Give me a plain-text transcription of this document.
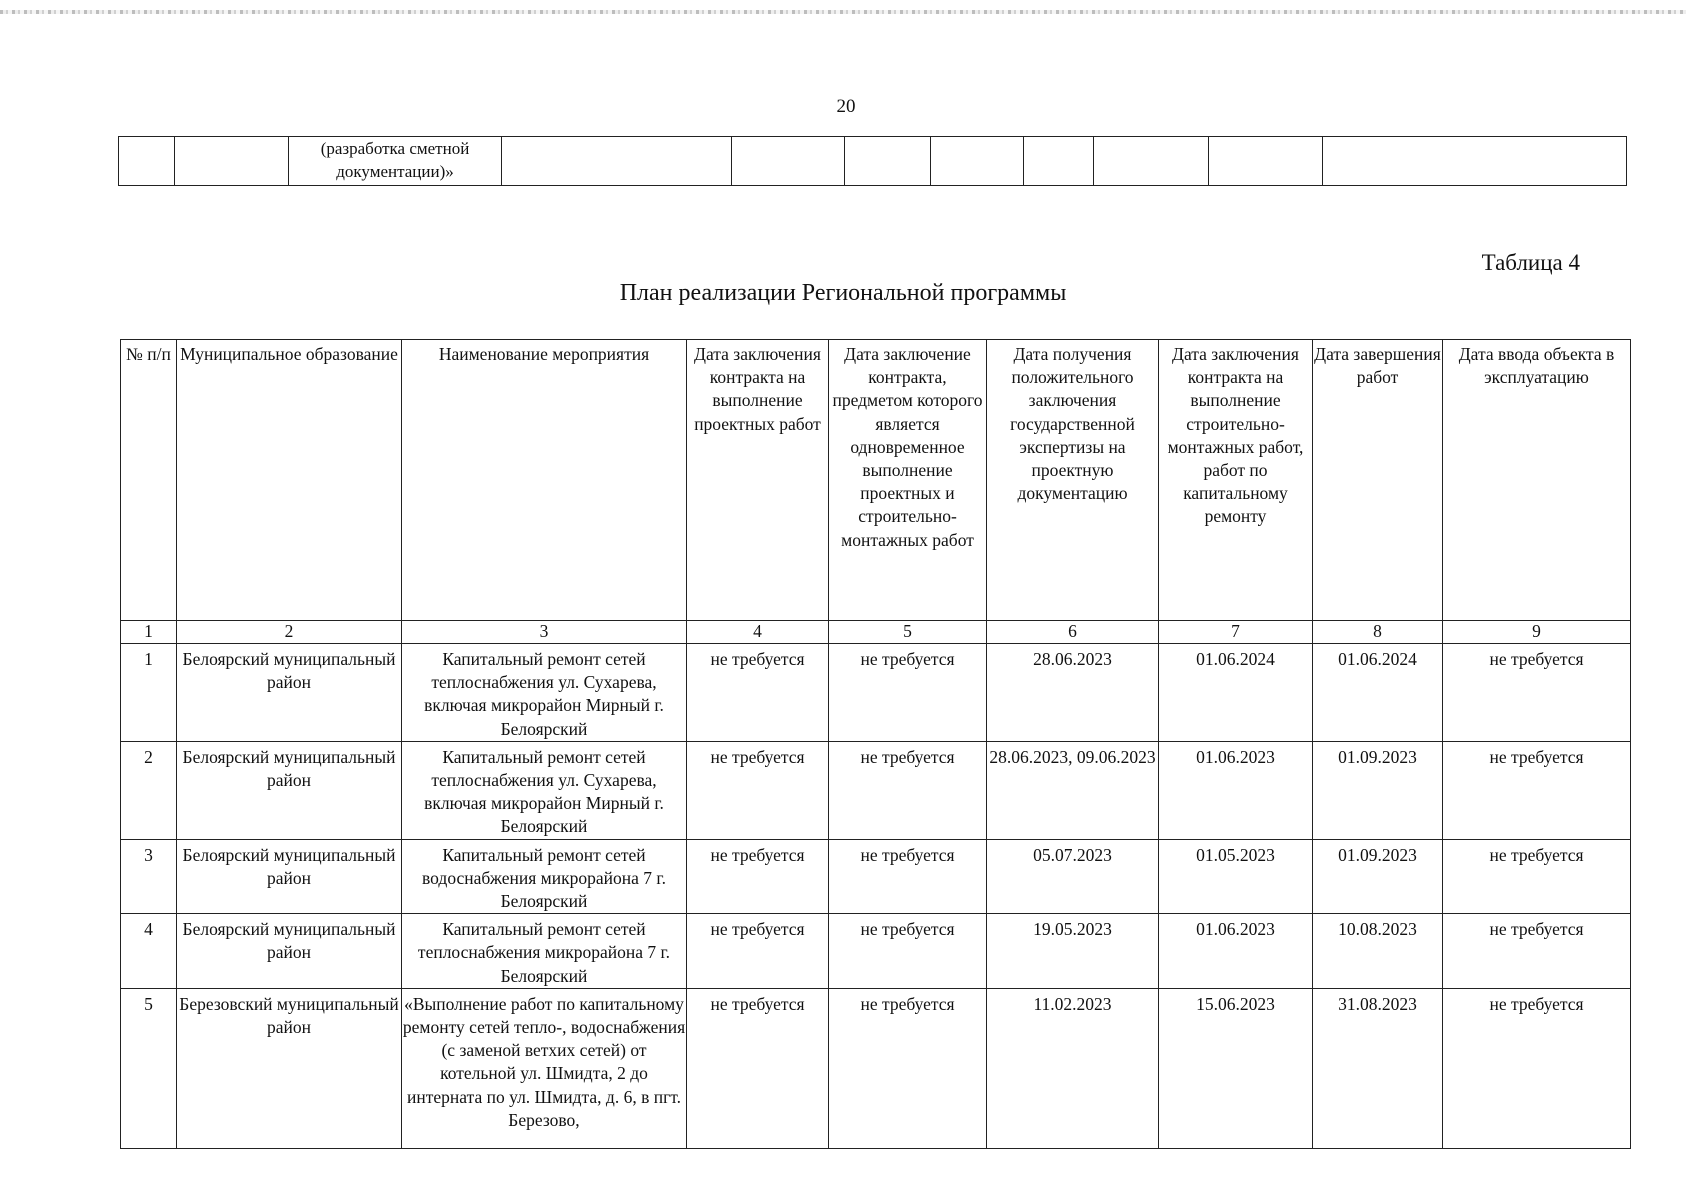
20
		(разработка сметной документации)»								
Таблица 4
План реализации Региональной программы
№ п/п	Муниципальное образование	Наименование мероприятия	Дата заключения контракта на выполнение проектных работ	Дата заключение контракта, предметом которого является одновременное выполнение проектных и строительно-монтажных работ	Дата получения положительного заключения государственной экспертизы на проектную документацию	Дата заключения контракта на выполнение строительно-монтажных работ, работ по капитальному ремонту	Дата завершения работ	Дата ввода объекта в эксплуатацию
1	2	3	4	5	6	7	8	9
1	Белоярский муниципальный район	Капитальный ремонт сетей теплоснабжения ул. Сухарева, включая микрорайон Мирный г. Белоярский	не требуется	не требуется	28.06.2023	01.06.2024	01.06.2024	не требуется
2	Белоярский муниципальный район	Капитальный ремонт сетей теплоснабжения ул. Сухарева, включая микрорайон Мирный г. Белоярский	не требуется	не требуется	28.06.2023, 09.06.2023	01.06.2023	01.09.2023	не требуется
3	Белоярский муниципальный район	Капитальный ремонт сетей водоснабжения микрорайона 7 г. Белоярский	не требуется	не требуется	05.07.2023	01.05.2023	01.09.2023	не требуется
4	Белоярский муниципальный район	Капитальный ремонт сетей теплоснабжения микрорайона 7 г. Белоярский	не требуется	не требуется	19.05.2023	01.06.2023	10.08.2023	не требуется
5	Березовский муниципальный район	«Выполнение работ по капитальному ремонту сетей тепло-, водоснабжения (с заменой ветхих сетей) от котельной ул. Шмидта, 2 до интерната по ул. Шмидта, д. 6, в пгт. Березово,	не требуется	не требуется	11.02.2023	15.06.2023	31.08.2023	не требуется
